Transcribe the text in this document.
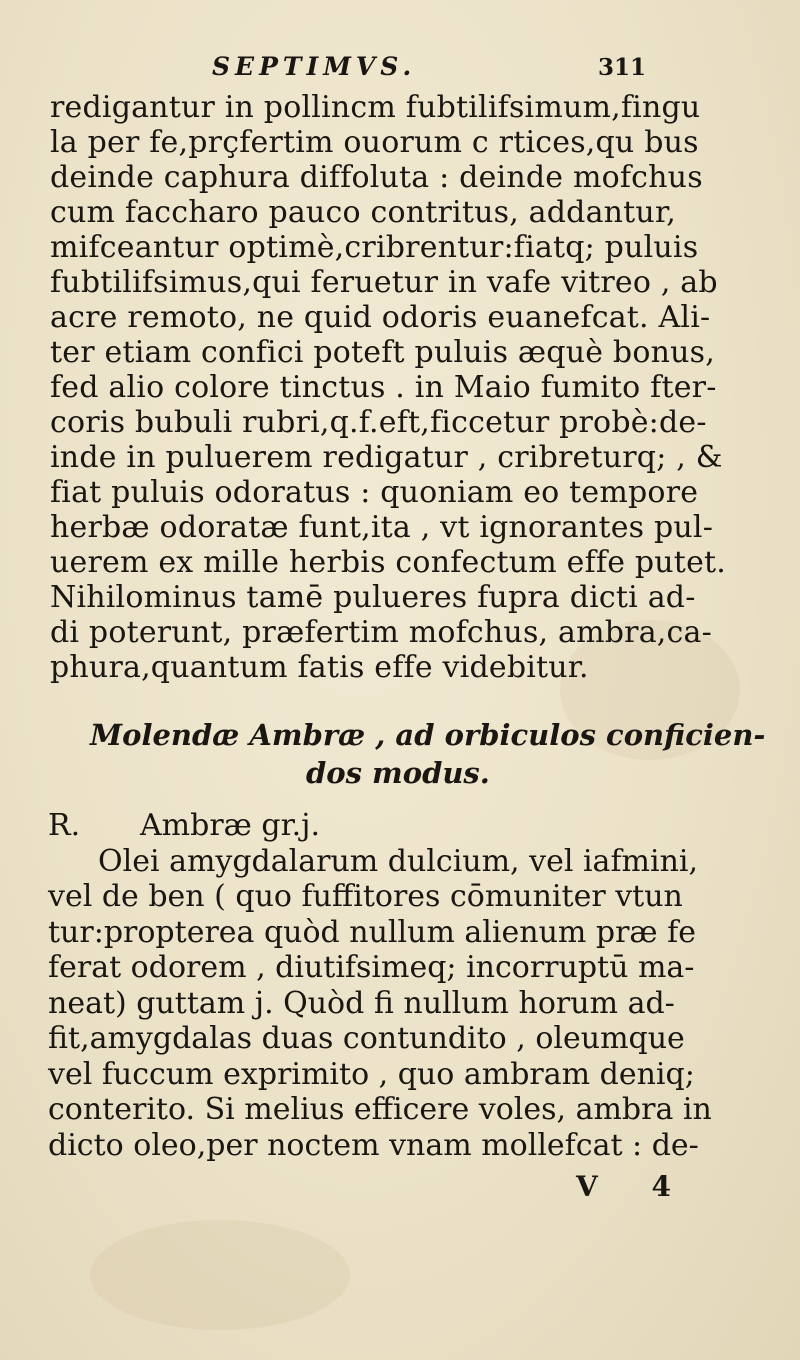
SEPTIMVS.	311
redigantur in pollincm fubtilifsimum,fingu
la per fe,prçfertim ouorum c rtices,qu bus
deinde caphura diffoluta : deinde mofchus
cum faccharo pauco contritus, addantur,
mifceantur optimè,cribrentur:fiatq; puluis
fubtilifsimus,qui feruetur in vafe vitreo , ab
acre remoto, ne quid odoris euanefcat. Ali-
ter etiam confici poteft puluis æquè bonus,
fed alio colore tinctus . in Maio fumito fter-
coris bubuli rubri,q.f.eft,ficcetur probè:de-
inde in puluerem redigatur , cribreturq; , &
fiat puluis odoratus : quoniam eo tempore
herbæ odoratæ funt,ita , vt ignorantes pul-
uerem ex mille herbis confectum effe putet.
Nihilominus tamē pulueres fupra dicti ad-
di poterunt, præfertim mofchus, ambra,ca-
phura,quantum fatis effe videbitur.
Molendæ Ambræ , ad orbiculos conficien-
dos modus.
R.	Ambræ gr.j.
Olei amygdalarum dulcium, vel iafmini,
vel de ben ( quo fuffitores cōmuniter vtun
tur:propterea quòd nullum alienum præ fe
ferat odorem , diutifsimeq; incorruptū ma-
neat) guttam j. Quòd fi nullum horum ad-
fit,amygdalas duas contundito , oleumque
vel fuccum exprimito , quo ambram deniq;
conterito. Si melius efficere voles, ambra in
dicto oleo,per noctem vnam mollefcat : de-
V 4
